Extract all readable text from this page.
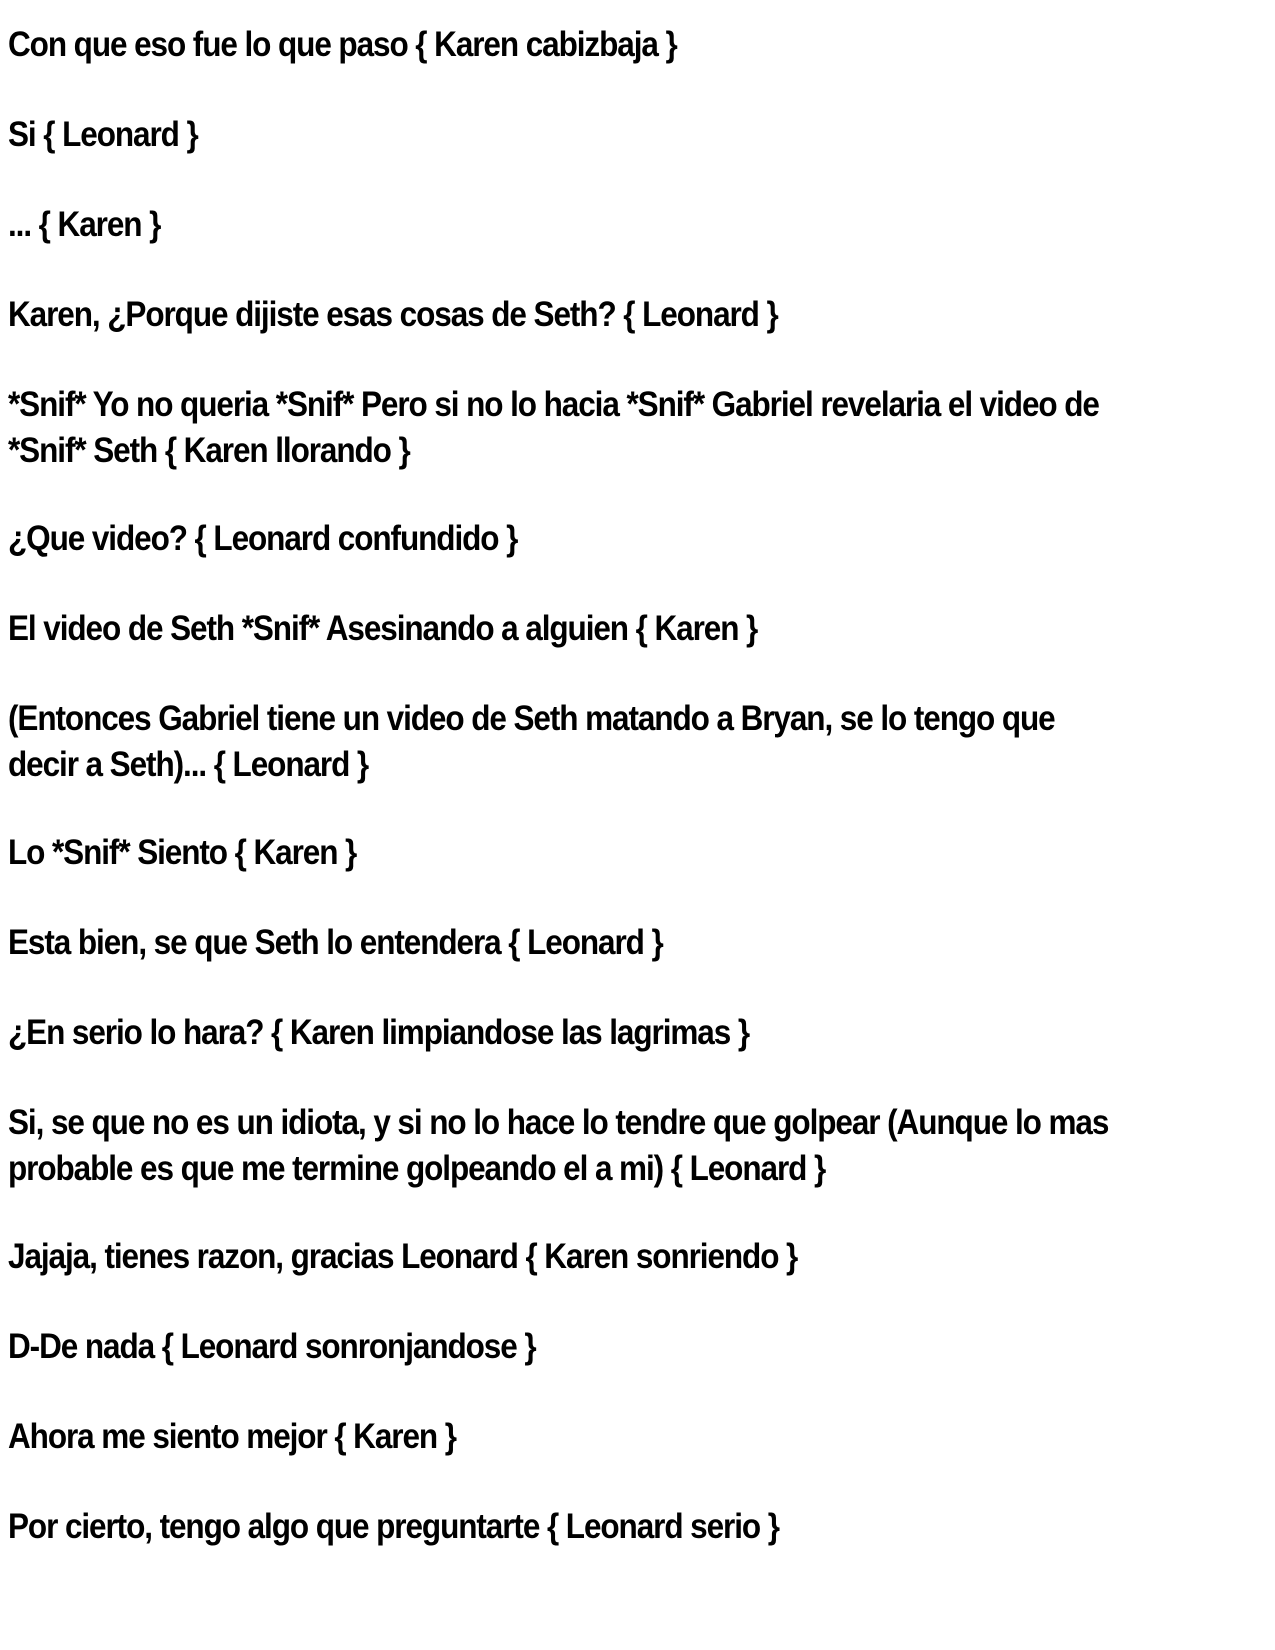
Con que eso fue lo que paso { Karen cabizbaja }

Si { Leonard }

... { Karen }

Karen, ¿Porque dijiste esas cosas de Seth? { Leonard }

*Snif* Yo no queria *Snif* Pero si no lo hacia *Snif* Gabriel revelaria el video de *Snif* Seth { Karen llorando }

¿Que video? { Leonard confundido }

El video de Seth *Snif* Asesinando a alguien { Karen }

(Entonces Gabriel tiene un video de Seth matando a Bryan, se lo tengo que decir a Seth)... { Leonard }

Lo *Snif* Siento { Karen }

Esta bien, se que Seth lo entendera { Leonard }

¿En serio lo hara? { Karen limpiandose las lagrimas }

Si, se que no es un idiota, y si no lo hace lo tendre que golpear (Aunque lo mas probable es que me termine golpeando el a mi) { Leonard }

Jajaja, tienes razon, gracias Leonard { Karen sonriendo }

D-De nada { Leonard sonronjandose }

Ahora me siento mejor { Karen }

Por cierto, tengo algo que preguntarte { Leonard serio }
